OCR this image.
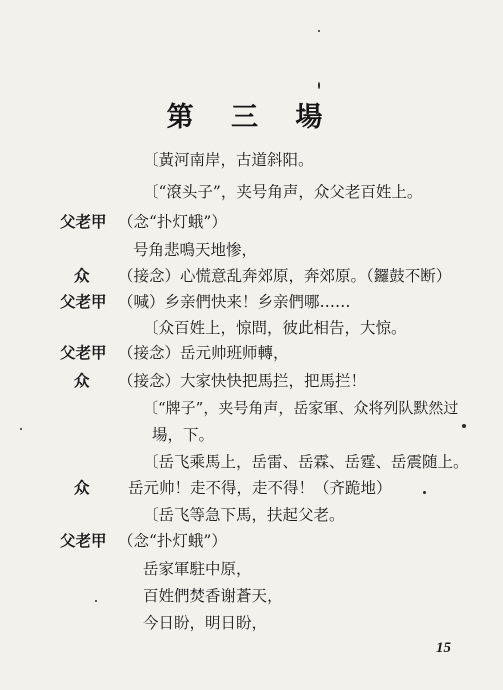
第 三 場
〔黃河南岸，古道斜阳。
〔“滾头子”，夹号角声，众父老百姓上。
父老甲 （念“扑灯蛾”）
号角悲鳴天地惨，
众 （接念）心慌意乱奔郊原，奔郊原。（鑼鼓不断）
父老甲 （喊）乡亲們快来！乡亲們哪……
〔众百姓上，惊問，彼此相告，大惊。
父老甲 （接念）岳元帅班师轉，
众 （接念）大家快快把馬拦，把馬拦！
〔“牌子”，夹号角声，岳家軍、众将列队默然过
場，下。
〔岳飞乘馬上，岳雷、岳霖、岳霆、岳震随上。
众 岳元帅！走不得，走不得！（齐跪地）
〔岳飞等急下馬，扶起父老。
父老甲 （念“扑灯蛾”）
岳家軍駐中原，
百姓們焚香谢蒼天，
今日盼，明日盼，
15
